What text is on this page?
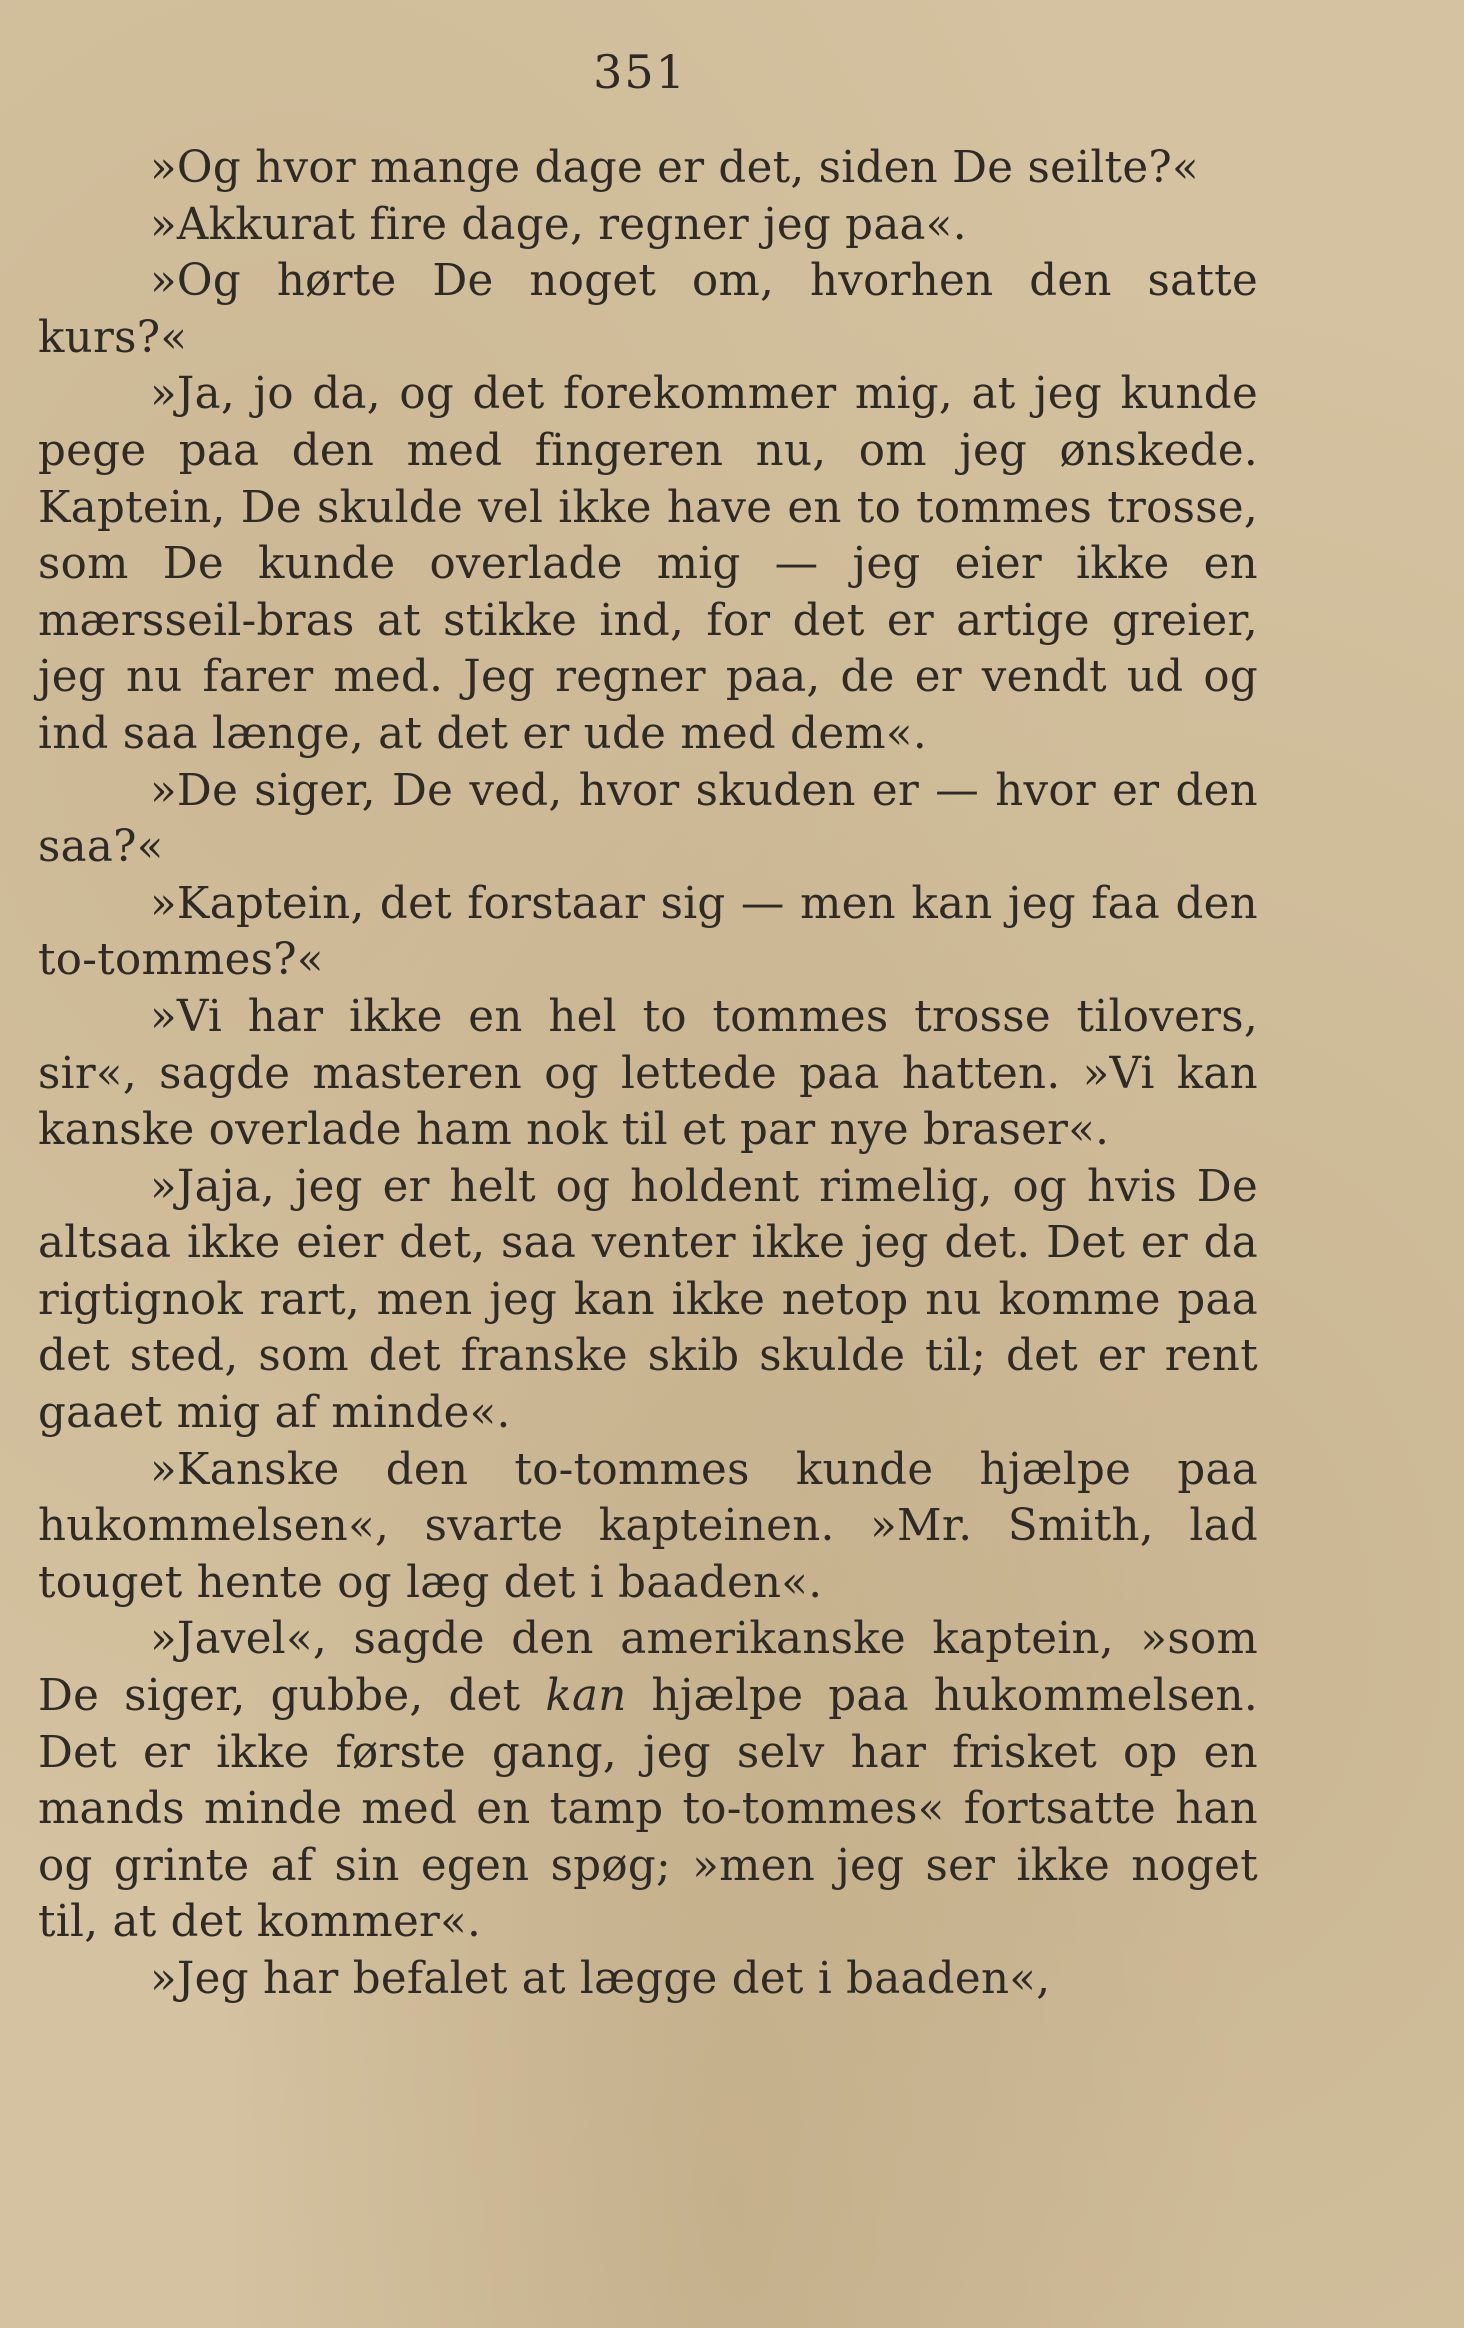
351

»Og hvor mange dage er det, siden De seilte?«

»Akkurat fire dage, regner jeg paa«.

»Og hørte De noget om, hvorhen den satte kurs?«

»Ja, jo da, og det forekommer mig, at jeg kunde pege paa den med fingeren nu, om jeg ønskede. Kaptein, De skulde vel ikke have en to tommes trosse, som De kunde overlade mig — jeg eier ikke en mærsseil-bras at stikke ind, for det er artige greier, jeg nu farer med. Jeg regner paa, de er vendt ud og ind saa længe, at det er ude med dem«.

»De siger, De ved, hvor skuden er — hvor er den saa?«

»Kaptein, det forstaar sig — men kan jeg faa den to-tommes?«

»Vi har ikke en hel to tommes trosse tilovers, sir«, sagde masteren og lettede paa hatten. »Vi kan kanske overlade ham nok til et par nye braser«.

»Jaja, jeg er helt og holdent rimelig, og hvis De altsaa ikke eier det, saa venter ikke jeg det. Det er da rigtignok rart, men jeg kan ikke netop nu komme paa det sted, som det franske skib skulde til; det er rent gaaet mig af minde«.

»Kanske den to-tommes kunde hjælpe paa hukommelsen«, svarte kapteinen. »Mr. Smith, lad touget hente og læg det i baaden«.

»Javel«, sagde den amerikanske kaptein, »som De siger, gubbe, det kan hjælpe paa hukommelsen. Det er ikke første gang, jeg selv har frisket op en mands minde med en tamp to-tommes« fortsatte han og grinte af sin egen spøg; »men jeg ser ikke noget til, at det kommer«.

»Jeg har befalet at lægge det i baaden«,
